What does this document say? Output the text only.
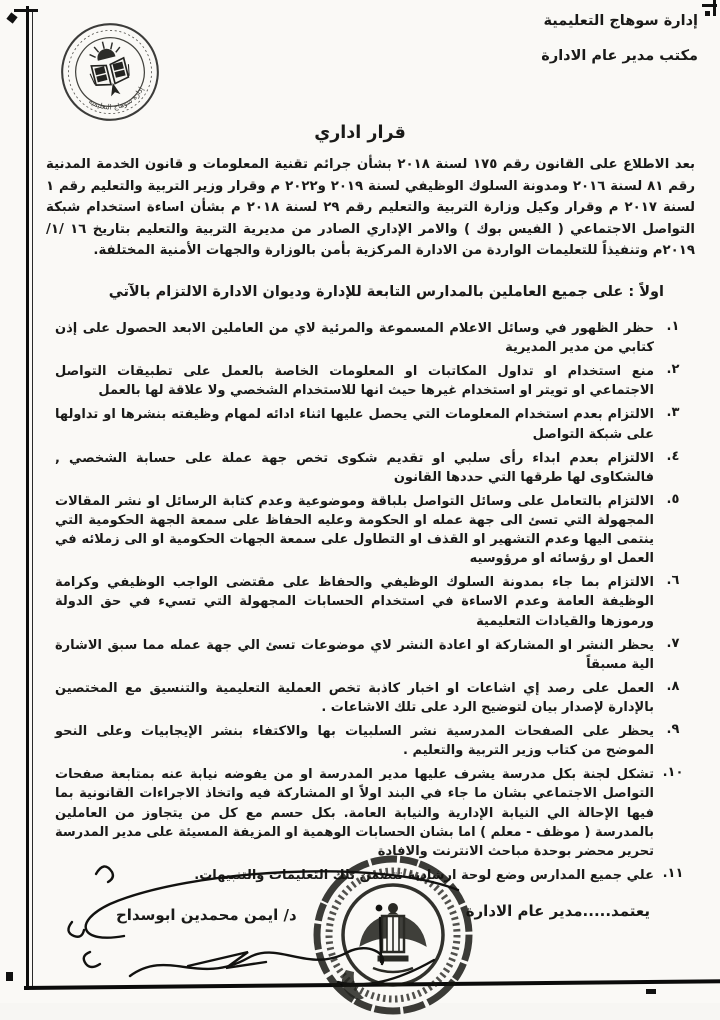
إدارة سوهاج التعليمية
مكتب مدير عام الادارة
إدارة سوهاج التعليمية
قرار اداري
بعد الاطلاع على القانون رقم ١٧٥ لسنة ٢٠١٨ بشأن جرائم تقنية المعلومات و قانون الخدمة المدنية رقم ٨١ لسنة ٢٠١٦ ومدونة السلوك الوظيفي لسنة ٢٠١٩ و٢٠٢٢ م وقرار وزير التربية والتعليم رقم ١ لسنة ٢٠١٧ م وقرار وكيل وزارة التربية والتعليم رقم ٢٩ لسنة ٢٠١٨ م بشأن اساءة استخدام شبكة التواصل الاجتماعي ( الفيس بوك ) والامر الإداري الصادر من مديرية التربية والتعليم بتاريخ ١٦ /١/ ٢٠١٩م وتنفيذاً للتعليمات الواردة من الادارة المركزية بأمن بالوزارة والجهات الأمنية المختلفة.
اولاً : على جميع العاملين بالمدارس التابعة للإدارة وديوان الادارة الالتزام بالآتي
١.
حظر الظهور في وسائل الاعلام المسموعة والمرئية لاي من العاملين الابعد الحصول على إذن كتابي من مدير المديرية
٢.
منع استخدام او تداول المكاتبات او المعلومات الخاصة بالعمل على تطبيقات التواصل الاجتماعي او تويتر او استخدام غيرها حيث انها للاستخدام الشخصي ولا علاقة لها بالعمل
٣.
الالتزام بعدم استخدام المعلومات التي يحصل عليها اثناء ادائه لمهام وظيفته بنشرها او تداولها على شبكة التواصل
٤.
الالتزام بعدم ابداء رأى سلبي او تقديم شكوى تخص جهة عملة على حسابة الشخصي , فالشكاوى لها طرقها التي حددها القانون
٥.
الالتزام بالتعامل على وسائل التواصل بلباقة وموضوعية وعدم كتابة الرسائل او نشر المقالات المجهولة التي تسئ الى جهة عمله او الحكومة وعليه الحفاظ على سمعة الجهة الحكومية التي ينتمى اليها وعدم التشهير او القذف او التطاول على سمعة الجهات الحكومية او الى زملائه في العمل او رؤسائه او مرؤوسيه
٦.
الالتزام بما جاء بمدونة السلوك الوظيفي والحفاظ على مقتضى الواجب الوظيفي وكرامة الوظيفة العامة وعدم الاساءة في استخدام الحسابات المجهولة التي تسيء في حق الدولة ورموزها والقيادات التعليمية
٧.
يحظر النشر او المشاركة او اعادة النشر لاي موضوعات تسئ الي جهة عمله مما سبق الاشارة الية مسبقاً
٨.
العمل على رصد إي اشاعات او اخبار كاذبة تخص العملية التعليمية والتنسيق مع المختصين بالإدارة لإصدار بيان لتوضيح الرد على تلك الاشاعات .
٩.
يحظر على الصفحات المدرسية نشر السلبيات بها والاكتفاء بنشر الإيجابيات وعلى النحو الموضح من كتاب وزير التربية والتعليم .
١٠.
تشكل لجنة بكل مدرسة يشرف عليها مدير المدرسة او من يفوضه نيابة عنه بمتابعة صفحات التواصل الاجتماعي بشان ما جاء في البند اولاً او المشاركة فيه واتخاذ الاجراءات القانونية بما فيها الإحالة الي النيابة الإدارية والنيابة العامة. بكل حسم مع كل من يتجاوز من العاملين بالمدرسة ( موظف - معلم ) اما بشان الحسابات الوهمية او المزيفة المسيئة على مدير المدرسة تحرير محضر بوحدة مباحث الانترنت والافادة
١١.
علي جميع المدارس وضع لوحة ارشادية تتضمن تلك التعليمات والتنبيهات.
يعتمد.....مدير عام الادارة
د/ ايمن محمدين ابوسداح
